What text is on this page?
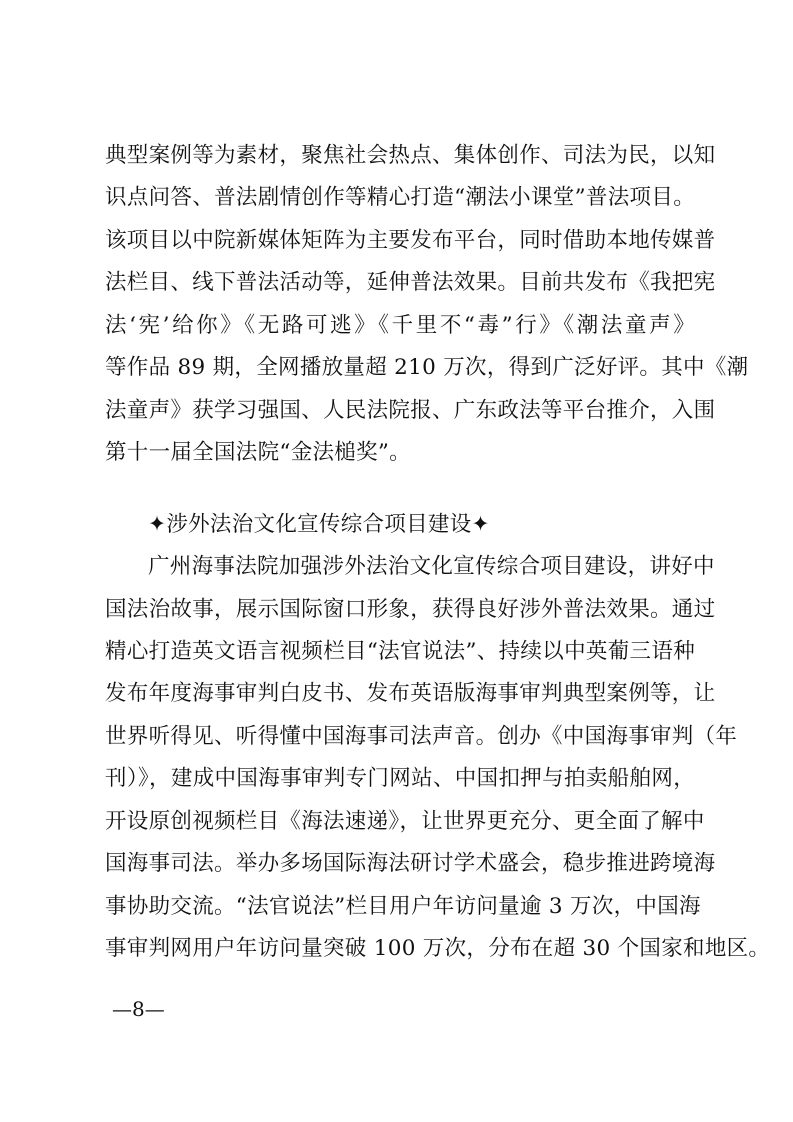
典型案例等为素材，聚焦社会热点、集体创作、司法为民，以知
识点问答、普法剧情创作等精心打造“潮法小课堂”普法项目。
该项目以中院新媒体矩阵为主要发布平台，同时借助本地传媒普
法栏目、线下普法活动等，延伸普法效果。目前共发布《我把宪
法‘宪’给你》《无路可逃》《千里不“毒”行》《潮法童声》
等作品 89 期，全网播放量超 210 万次，得到广泛好评。其中《潮
法童声》获学习强国、人民法院报、广东政法等平台推介，入围
第十一届全国法院“金法槌奖”。
✦涉外法治文化宣传综合项目建设✦
广州海事法院加强涉外法治文化宣传综合项目建设，讲好中
国法治故事，展示国际窗口形象，获得良好涉外普法效果。通过
精心打造英文语言视频栏目“法官说法”、持续以中英葡三语种
发布年度海事审判白皮书、发布英语版海事审判典型案例等，让
世界听得见、听得懂中国海事司法声音。创办《中国海事审判（年
刊）》，建成中国海事审判专门网站、中国扣押与拍卖船舶网，
开设原创视频栏目《海法速递》，让世界更充分、更全面了解中
国海事司法。举办多场国际海法研讨学术盛会，稳步推进跨境海
事协助交流。“法官说法”栏目用户年访问量逾 3 万次，中国海
事审判网用户年访问量突破 100 万次，分布在超 30 个国家和地区。
—8—
